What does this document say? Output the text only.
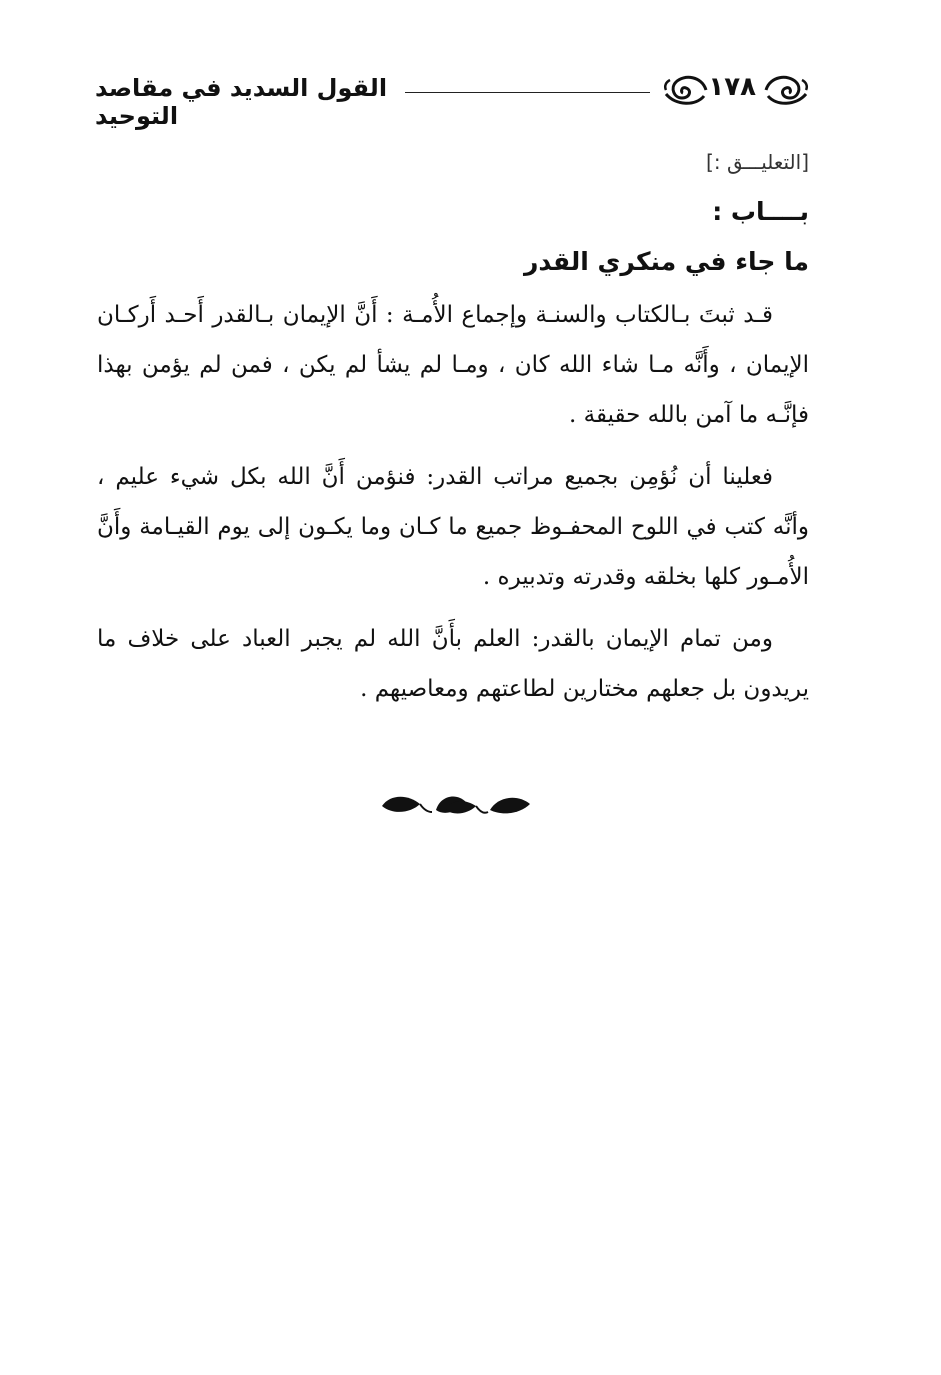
١٧٨
القول السديد في مقاصد التوحيد
[التعليـــق :]
بــــاب :
ما جاء في منكري القدر

قـد ثبتَ بـالكتاب والسنـة وإجماع الأُمـة : أَنَّ الإيمان بـالقدر أَحـد أَركـان الإيمان ، وأَنَّه مـا شاء الله كان ، ومـا لم يشأ لم يكن ، فمن لم يؤمن بهذا فإنَّـه ما آمن بالله حقيقة .

فعلينا أن نُؤمِن بجميع مراتب القدر: فنؤمن أَنَّ الله بكل شيء عليم ، وأنَّه كتب في اللوح المحفـوظ جميع ما كـان وما يكـون إلى يوم القيـامة وأَنَّ الأُمـور كلها بخلقه وقدرته وتدبيره .

ومن تمام الإيمان بالقدر: العلم بأَنَّ الله لم يجبر العباد على خلاف ما يريدون بل جعلهم مختارين لطاعتهم ومعاصيهم .
